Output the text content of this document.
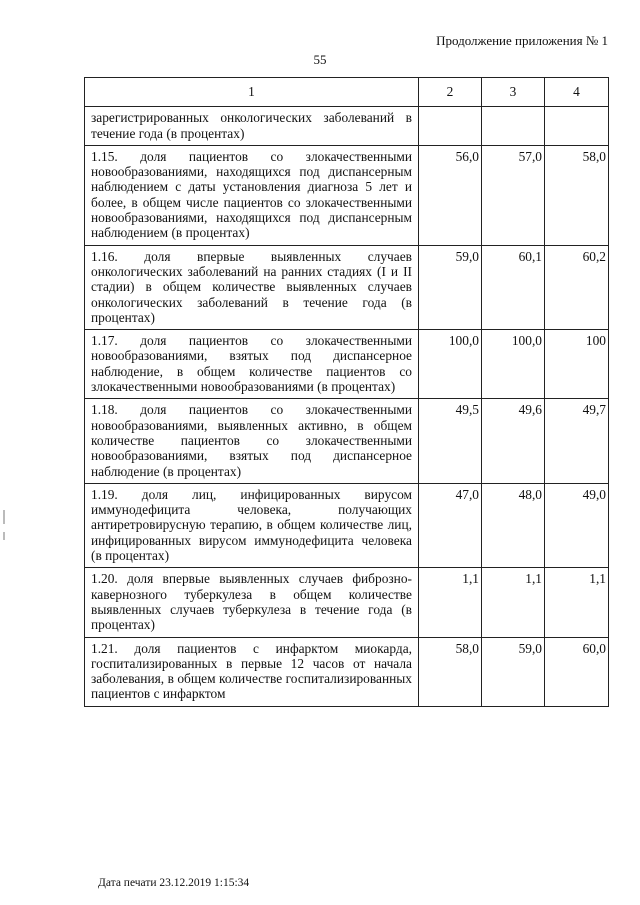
Продолжение приложения № 1
55
1	2	3	4
зарегистрированных онкологических заболеваний в течение года (в процентах)			
1.15. доля пациентов со злокачественными новообразованиями, находящихся под диспансерным наблюдением с даты установления диагноза 5 лет и более, в общем числе пациентов со злокачественными новообразованиями, находящихся под диспансерным наблюдением (в процентах)	56,0	57,0	58,0
1.16. доля впервые выявленных случаев онкологических заболеваний на ранних стадиях (I и II стадии) в общем количестве выявленных случаев онкологических заболеваний в течение года (в процентах)	59,0	60,1	60,2
1.17. доля пациентов со злокачественными новообразованиями, взятых под диспансерное наблюдение, в общем количестве пациентов со злокачественными новообразованиями (в процентах)	100,0	100,0	100
1.18. доля пациентов со злокачественными новообразованиями, выявленных активно, в общем количестве пациентов со злокачественными новообразованиями, взятых под диспансерное наблюдение (в процентах)	49,5	49,6	49,7
1.19. доля лиц, инфицированных вирусом иммунодефицита человека, получающих антиретровирусную терапию, в общем количестве лиц, инфицированных вирусом иммунодефицита человека (в процентах)	47,0	48,0	49,0
1.20. доля впервые выявленных случаев фиброзно-кавернозного туберкулеза в общем количестве выявленных случаев туберкулеза в течение года (в процентах)	1,1	1,1	1,1
1.21. доля пациентов с инфарктом миокарда, госпитализированных в первые 12 часов от начала заболевания, в общем количестве госпитализированных пациентов с инфарктом	58,0	59,0	60,0
Дата печати 23.12.2019 1:15:34
